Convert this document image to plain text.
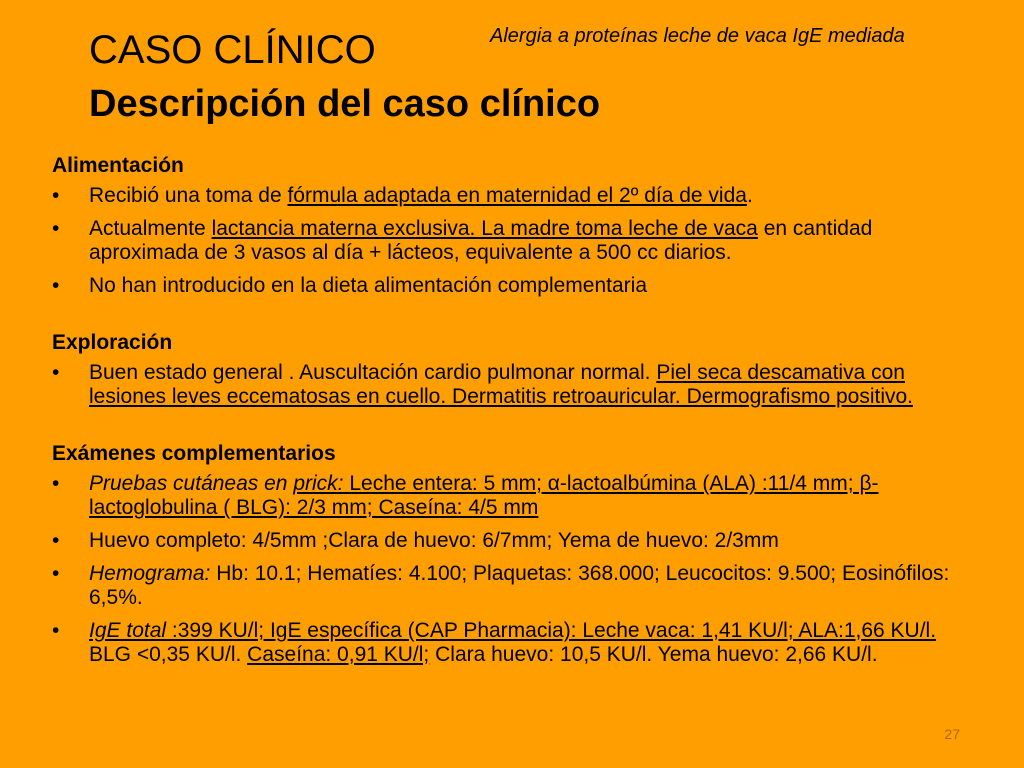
Alergia a proteínas leche de vaca IgE mediada
CASO CLÍNICO
Descripción del caso clínico
Alimentación
• Recibió una toma de fórmula adaptada en maternidad el 2º día de vida.
• Actualmente lactancia materna exclusiva. La madre toma leche de vaca en cantidad aproximada de 3 vasos al día + lácteos, equivalente a 500 cc diarios.
• No han introducido en la dieta alimentación complementaria
Exploración
• Buen estado general . Auscultación cardio pulmonar normal. Piel seca descamativa con lesiones leves eccematosas en cuello. Dermatitis retroauricular. Dermografismo positivo.
Exámenes complementarios
• Pruebas cutáneas en prick: Leche entera: 5 mm; α-lactoalbúmina (ALA) :11/4 mm; β-lactoglobulina ( BLG): 2/3 mm; Caseína: 4/5 mm
• Huevo completo: 4/5mm ;Clara de huevo: 6/7mm; Yema de huevo: 2/3mm
• Hemograma: Hb: 10.1; Hematíes: 4.100; Plaquetas: 368.000; Leucocitos: 9.500; Eosinófilos: 6,5%.
• IgE total :399 KU/l; IgE específica (CAP Pharmacia): Leche vaca: 1,41 KU/l; ALA:1,66 KU/l. BLG <0,35 KU/l. Caseína: 0,91 KU/l; Clara huevo: 10,5 KU/l. Yema huevo: 2,66 KU/l.
27
